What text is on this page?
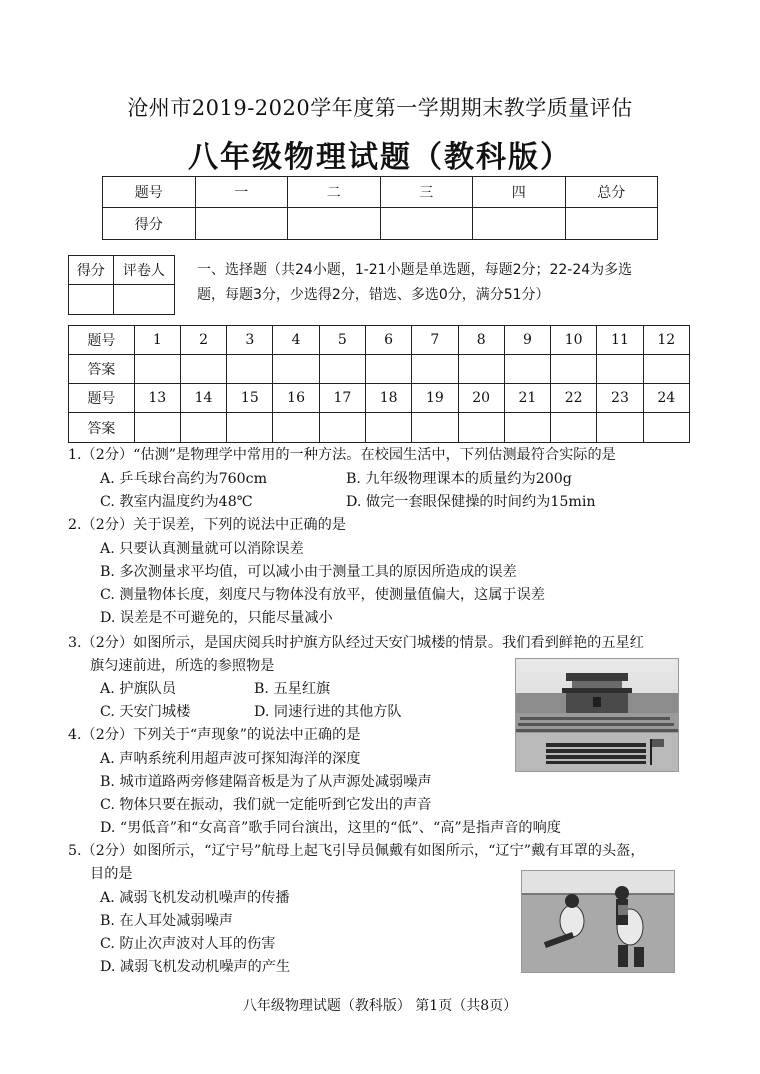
沧州市2019-2020学年度第一学期期末教学质量评估
八年级物理试题（教科版）
题号	一	二	三	四	总分
得分					
得分	评卷人
	一、选择题（共24小题，1-21小题是单选题，每题2分；22-24为多选
题，每题3分，少选得2分，错选、多选0分，满分51分）
题号	1	2	3	4	5	6	7	8	9	10	11	12
答案												
题号	13	14	15	16	17	18	19	20	21	22	23	24
答案												
1.（2分）“估测”是物理学中常用的一种方法。在校园生活中，下列估测最符合实际的是
A. 乒乓球台高约为760cm	B. 九年级物理课本的质量约为200g
C. 教室内温度约为48℃	D. 做完一套眼保健操的时间约为15min
2.（2分）关于误差，下列的说法中正确的是
A. 只要认真测量就可以消除误差
B. 多次测量求平均值，可以减小由于测量工具的原因所造成的误差
C. 测量物体长度，刻度尺与物体没有放平，使测量值偏大，这属于误差
D. 误差是不可避免的，只能尽量减小
3.（2分）如图所示，是国庆阅兵时护旗方队经过天安门城楼的情景。我们看到鲜艳的五星红
旗匀速前进，所选的参照物是
A. 护旗队员	B. 五星红旗
C. 天安门城楼	D. 同速行进的其他方队
4.（2分）下列关于“声现象”的说法中正确的是
A. 声呐系统利用超声波可探知海洋的深度
B. 城市道路两旁修建隔音板是为了从声源处减弱噪声
C. 物体只要在振动，我们就一定能听到它发出的声音
D. “男低音”和“女高音”歌手同台演出，这里的“低”、“高”是指声音的响度
5.（2分）如图所示，“辽宁号”航母上起飞引导员佩戴有如图所示，“辽宁”戴有耳罩的头盔，
目的是
A. 减弱飞机发动机噪声的传播
B. 在人耳处减弱噪声
C. 防止次声波对人耳的伤害
D. 减弱飞机发动机噪声的产生
八年级物理试题（教科版） 第1页（共8页）
